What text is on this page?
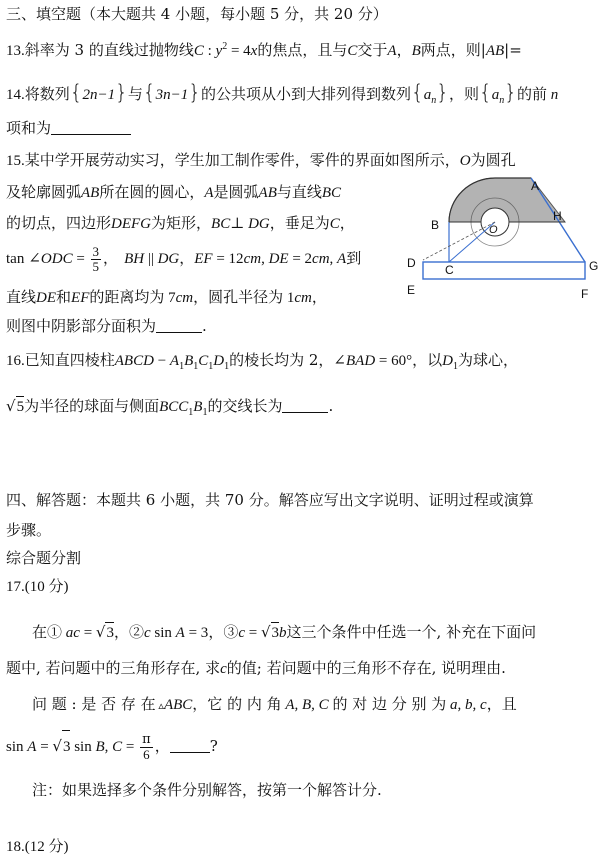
三、填空题（本大题共 4 小题，每小题 5 分，共 20 分）
13.斜率为 3 的直线过抛物线C : $y^2 = 4x$的焦点，且与C交于A，B两点，则|AB|=
14.将数列{2n−1}与{3n−1}的公共项从小到大排列得到数列$\{a_n\}$，则$\{a_n\}$的前 n
项和为
15.某中学开展劳动实习，学生加工制作零件，零件的界面如图所示，O为圆孔
及轮廓圆弧AB所在圆的圆心，A是圆弧AB与直线BC
的切点，四边形DEFG为矩形，BC⊥ DG，垂足为C，
tan ∠ODC = $\frac{3}{5}$ ， BH || DG，EF = 12cm, DE = 2cm, A到
直线DE和EF的距离均为 7cm，圆孔半径为 1cm，
则图中阴影部分面积为	.
A
B
C
D
E	F
G
H
O
16.已知直四棱柱ABCD − $A_1B_1C_1D_1$的棱长均为 2，∠BAD = 60°，以$D_1$为球心，
√5为半径的球面与侧面$BCC_1B_1$的交线长为	.
四、解答题：本题共 6 小题，共 70 分。解答应写出文字说明、证明过程或演算
步骤。
综合题分割
17.(10 分)
在① ac = √3，②c sin A = 3，③c = √3b这三个条件中任选一个, 补充在下面问
题中, 若问题中的三角形存在, 求c的值; 若问题中的三角形不存在, 说明理由.
问 题 : 是 否 存 在 ▵ABC，它 的 内 角 A, B, C 的 对 边 分 别 为 a, b, c，且
sin A = √3 sin B, $C = \frac{\pi}{6}$ ，	?
注：如果选择多个条件分别解答，按第一个解答计分.
18.(12 分)
